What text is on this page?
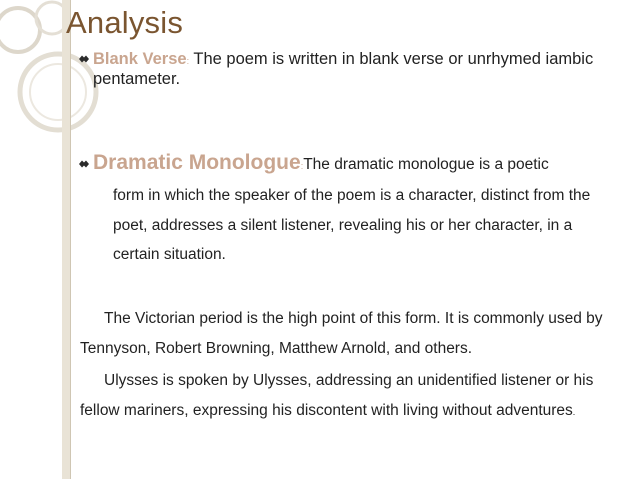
Analysis
Blank Verse: The poem is written in blank verse or unrhymed iambic pentameter.
Dramatic Monologue:The dramatic monologue is a poetic
form in which the speaker of the poem is a character, distinct from the poet, addresses a silent listener, revealing his or her character, in a certain situation.

The Victorian period is the high point of this form. It is commonly used by Tennyson, Robert Browning, Matthew Arnold, and others.

Ulysses is spoken by Ulysses, addressing an unidentified listener or his fellow mariners, expressing his discontent with living without adventures.
